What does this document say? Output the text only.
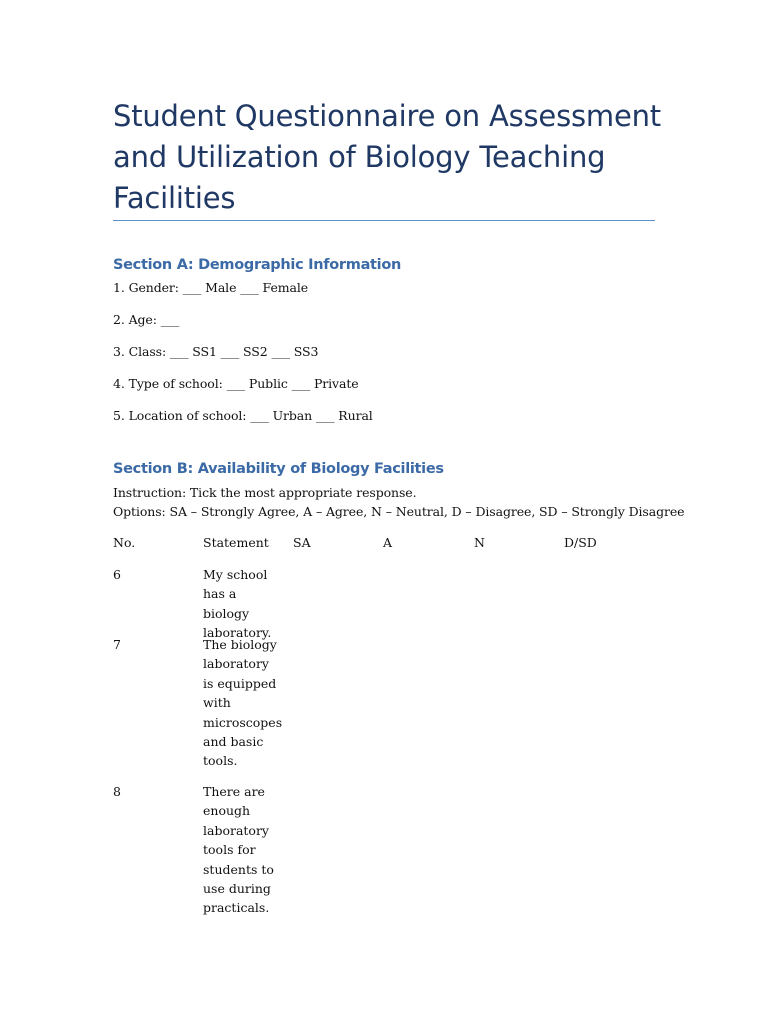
Student Questionnaire on Assessment and Utilization of Biology Teaching Facilities
Section A: Demographic Information
1. Gender: ___ Male ___ Female
2. Age: ___
3. Class: ___ SS1 ___ SS2 ___ SS3
4. Type of school: ___ Public ___ Private
5. Location of school: ___ Urban ___ Rural
Section B: Availability of Biology Facilities
Instruction: Tick the most appropriate response.
Options: SA – Strongly Agree, A – Agree, N – Neutral, D – Disagree, SD – Strongly Disagree
No.	Statement	SA	A	N	D/SD
6	My school has a biology laboratory.
7	The biology laboratory is equipped with microscopes and basic tools.
8	There are enough laboratory tools for students to use during practicals.
